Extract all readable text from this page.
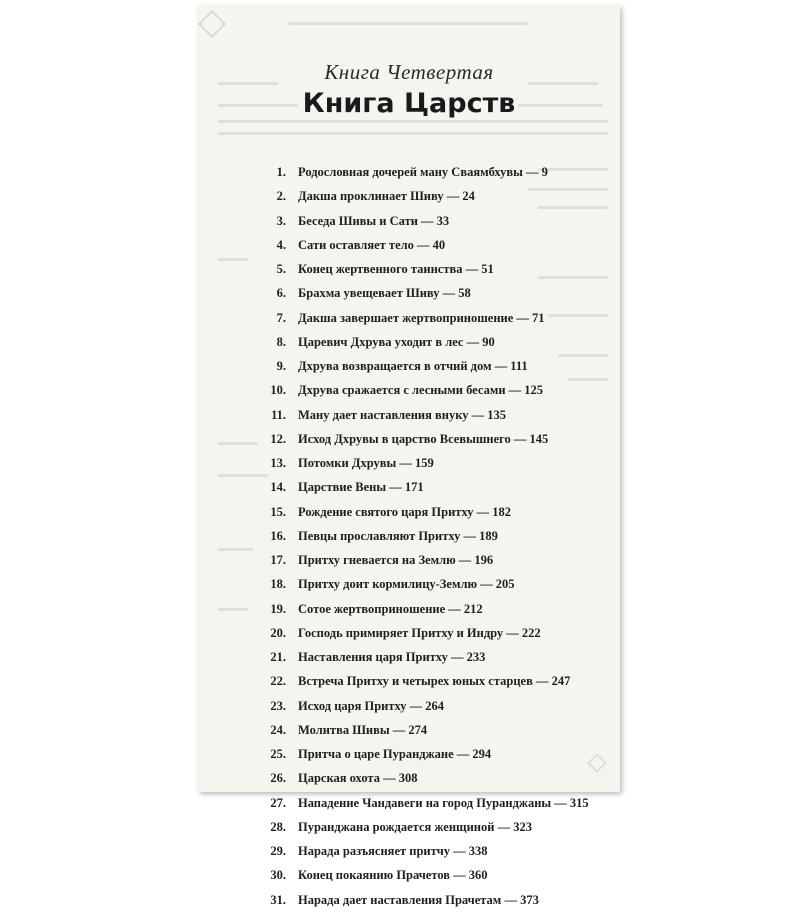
Книга Четвертая
Книга Царств
1. Родословная дочерей ману Сваямбхувы — 9
2. Дакша проклинает Шиву — 24
3. Беседа Шивы и Сати — 33
4. Сати оставляет тело — 40
5. Конец жертвенного таинства — 51
6. Брахма увещевает Шиву — 58
7. Дакша завершает жертвоприношение — 71
8. Царевич Дхрува уходит в лес — 90
9. Дхрува возвращается в отчий дом — 111
10. Дхрува сражается с лесными бесами — 125
11. Ману дает наставления внуку — 135
12. Исход Дхрувы в царство Всевышнего — 145
13. Потомки Дхрувы — 159
14. Царствие Вены — 171
15. Рождение святого царя Притху — 182
16. Певцы прославляют Притху — 189
17. Притху гневается на Землю — 196
18. Притху доит кормилицу-Землю — 205
19. Сотое жертвоприношение — 212
20. Господь примиряет Притху и Индру — 222
21. Наставления царя Притху — 233
22. Встреча Притху и четырех юных старцев — 247
23. Исход царя Притху — 264
24. Молитва Шивы — 274
25. Притча о царе Пуранджане — 294
26. Царская охота — 308
27. Нападение Чандавеги на город Пуранджаны — 315
28. Пуранджана рождается женщиной — 323
29. Нарада разъясняет притчу — 338
30. Конец покаянию Прачетов — 360
31. Нарада дает наставления Прачетам — 373
